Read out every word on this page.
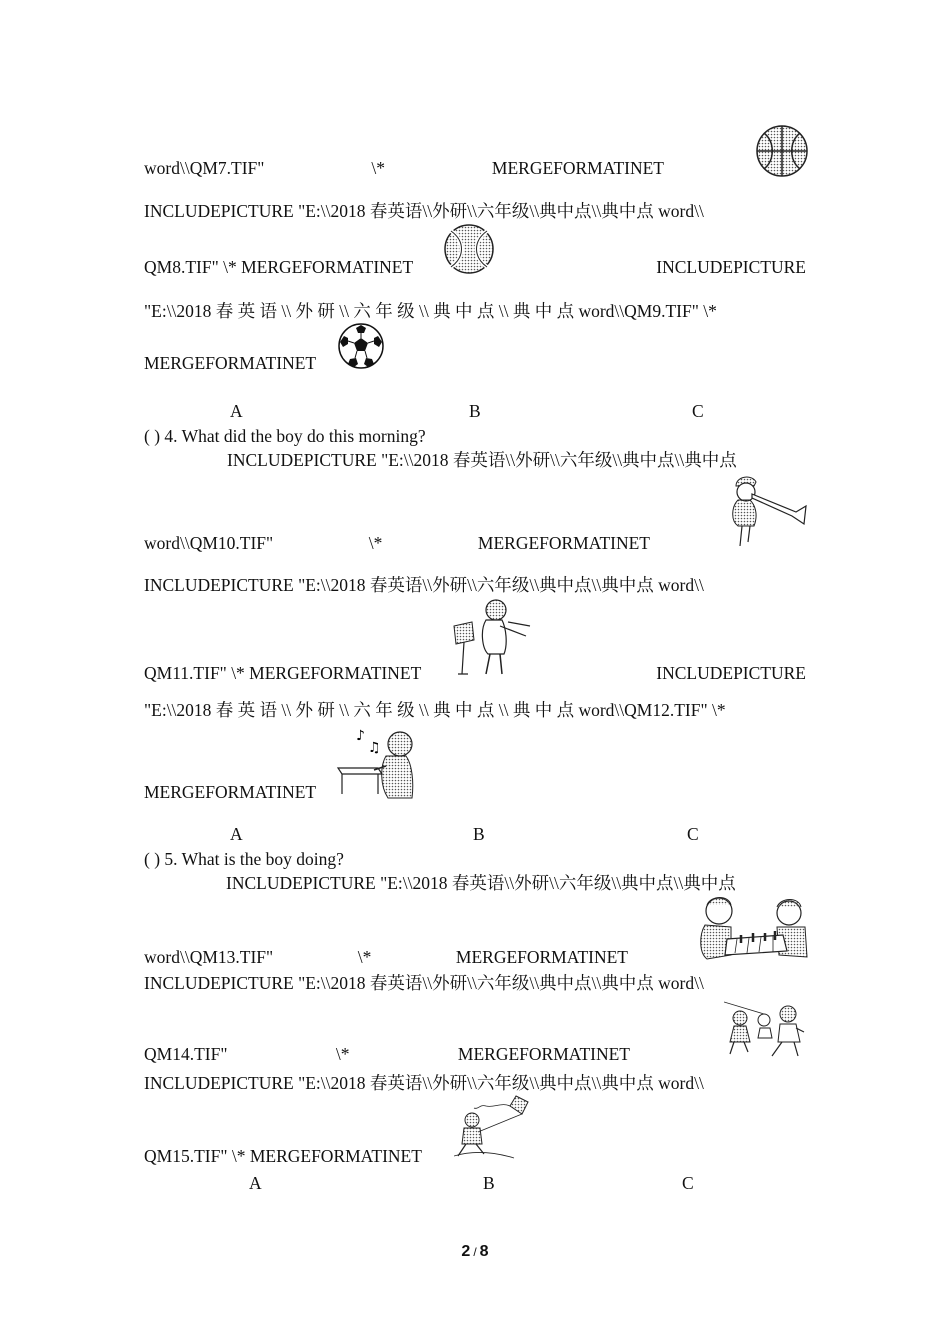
word\\QM7.TIF"	\*	MERGEFORMATINET
INCLUDEPICTURE "E:\\2018 春英语\\外研\\六年级\\典中点\\典中点 word\\
QM8.TIF" \* MERGEFORMATINET	INCLUDEPICTURE
"E:\\2018 春 英 语 \\ 外 研 \\ 六 年 级 \\ 典 中 点 \\ 典 中 点 word\\QM9.TIF" \*
MERGEFORMATINET
A	B	C
( ) 4. What did the boy do this morning?
INCLUDEPICTURE "E:\\2018 春英语\\外研\\六年级\\典中点\\典中点
word\\QM10.TIF"	\*	MERGEFORMATINET
INCLUDEPICTURE "E:\\2018 春英语\\外研\\六年级\\典中点\\典中点 word\\
QM11.TIF" \* MERGEFORMATINET	INCLUDEPICTURE
"E:\\2018 春 英 语 \\ 外 研 \\ 六 年 级 \\ 典 中 点 \\ 典 中 点 word\\QM12.TIF" \*
MERGEFORMATINET
♪
♫
A	B	C
( ) 5. What is the boy doing?
INCLUDEPICTURE "E:\\2018 春英语\\外研\\六年级\\典中点\\典中点
word\\QM13.TIF"	\*	MERGEFORMATINET
INCLUDEPICTURE "E:\\2018 春英语\\外研\\六年级\\典中点\\典中点 word\\
QM14.TIF"	\*	MERGEFORMATINET
INCLUDEPICTURE "E:\\2018 春英语\\外研\\六年级\\典中点\\典中点 word\\
QM15.TIF" \* MERGEFORMATINET
A	B	C
2 / 8
